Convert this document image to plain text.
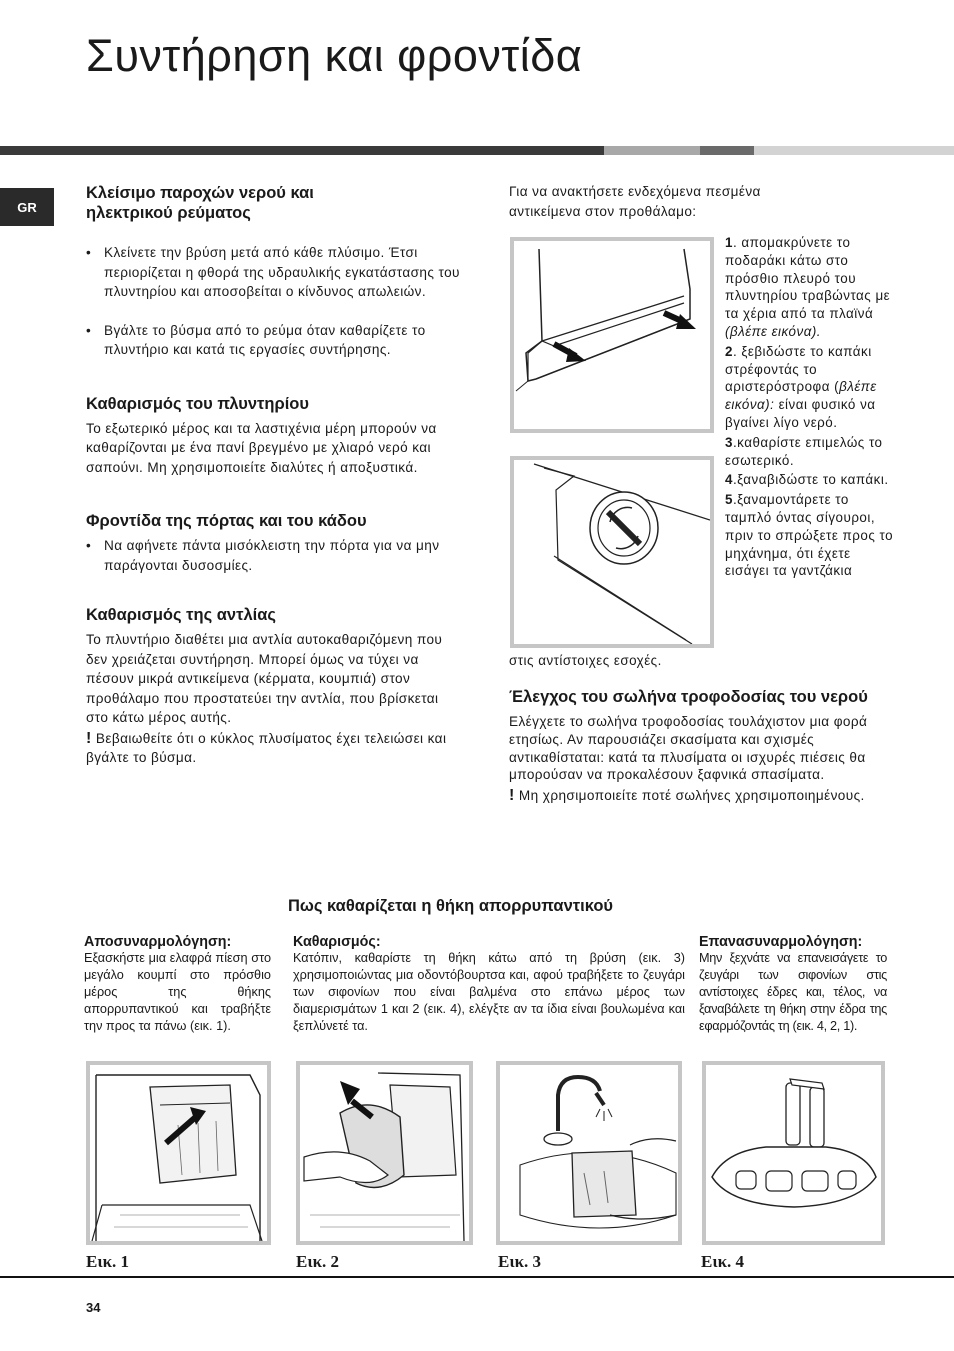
Συντήρηση και φροντίδα
GR
Κλείσιμο παροχών νερού και ηλεκτρικού ρεύματος
• Κλείνετε την βρύση μετά από κάθε πλύσιμο. Έτσι περιορίζεται η φθορά της υδραυλικής εγκατάστασης του πλυντηρίου και αποσοβείται ο κίνδυνος απωλειών.
• Βγάλτε το βύσμα από το ρεύμα όταν καθαρίζετε το πλυντήριο και κατά τις εργασίες συντήρησης.
Καθαρισμός του πλυντηρίου

Το εξωτερικό μέρος και τα λαστιχένια μέρη μπορούν να καθαρίζονται με ένα πανί βρεγμένο με χλιαρό νερό και σαπούνι. Μη χρησιμοποιείτε διαλύτες ή αποξυστικά.

Φροντίδα της πόρτας και του κάδου
• Να αφήνετε πάντα μισόκλειστη την πόρτα για να μην παράγονται δυσοσμίες.
Καθαρισμός της αντλίας

Το πλυντήριο διαθέτει μια αντλία αυτοκαθαριζόμενη που δεν χρειάζεται συντήρηση. Μπορεί όμως να τύχει να πέσουν μικρά αντικείμενα (κέρματα, κουμπιά) στον προθάλαμο που προστατεύει την αντλία, που βρίσκεται στο κάτω μέρος αυτής.

! Βεβαιωθείτε ότι ο κύκλος πλυσίματος έχει τελειώσει και βγάλτε το βύσμα.

Για να ανακτήσετε ενδεχόμενα πεσμένα αντικείμενα στον προθάλαμο:

1. απομακρύνετε το ποδαράκι κάτω στο πρόσθιο πλευρό του πλυντηρίου τραβώντας με τα χέρια από τα πλαϊνά (βλέπε εικόνα).

2. ξεβιδώστε το καπάκι στρέφοντάς το αριστερόστροφα (βλέπε εικόνα): είναι φυσικό να βγαίνει λίγο νερό.

3.καθαρίστε επιμελώς το εσωτερικό.

4.ξαναβιδώστε το καπάκι.

5.ξαναμοντάρετε το ταμπλό όντας σίγουροι, πριν το σπρώξετε προς το μηχάνημα, ότι έχετε εισάγει τα γαντζάκια

στις αντίστοιχες εσοχές.

Έλεγχος του σωλήνα τροφοδοσίας του νερού

Ελέγχετε το σωλήνα τροφοδοσίας τουλάχιστον μια φορά ετησίως. Αν παρουσιάζει σκασίματα και σχισμές αντικαθίσταται: κατά τα πλυσίματα οι ισχυρές πιέσεις θα μπορούσαν να προκαλέσουν ξαφνικά σπασίματα.

! Μη χρησιμοποιείτε ποτέ σωλήνες χρησιμοποιημένους.

Πως καθαρίζεται η θήκη απορρυπαντικού
Αποσυναρμολόγηση:

Εξασκήστε μια ελαφρά πίεση στο μεγάλο κουμπί στο πρόσθιο μέρος της θήκης απορρυπαντικού και τραβήξτε την προς τα πάνω (εικ. 1).

Καθαρισμός:

Κατόπιν, καθαρίστε τη θήκη κάτω από τη βρύση (εικ. 3) χρησιμοποιώντας μια οδοντόβουρτσα και, αφού τραβήξετε το ζευγάρι των σιφονίων που είναι βαλμένα στο επάνω μέρος των διαμερισμάτων 1 και 2 (εικ. 4), ελέγξτε αν τα ίδια είναι βουλωμένα και ξεπλύνετέ τα.

Επανασυναρμολόγηση:

Μην ξεχνάτε να επανεισάγετε το ζευγάρι των σιφονίων στις αντίστοιχες έδρες και, τέλος, να ξαναβάλετε τη θήκη στην έδρα της εφαρμόζοντάς τη (εικ. 4, 2, 1).

Εικ. 1	Εικ. 2	Εικ. 3	Εικ. 4
34
